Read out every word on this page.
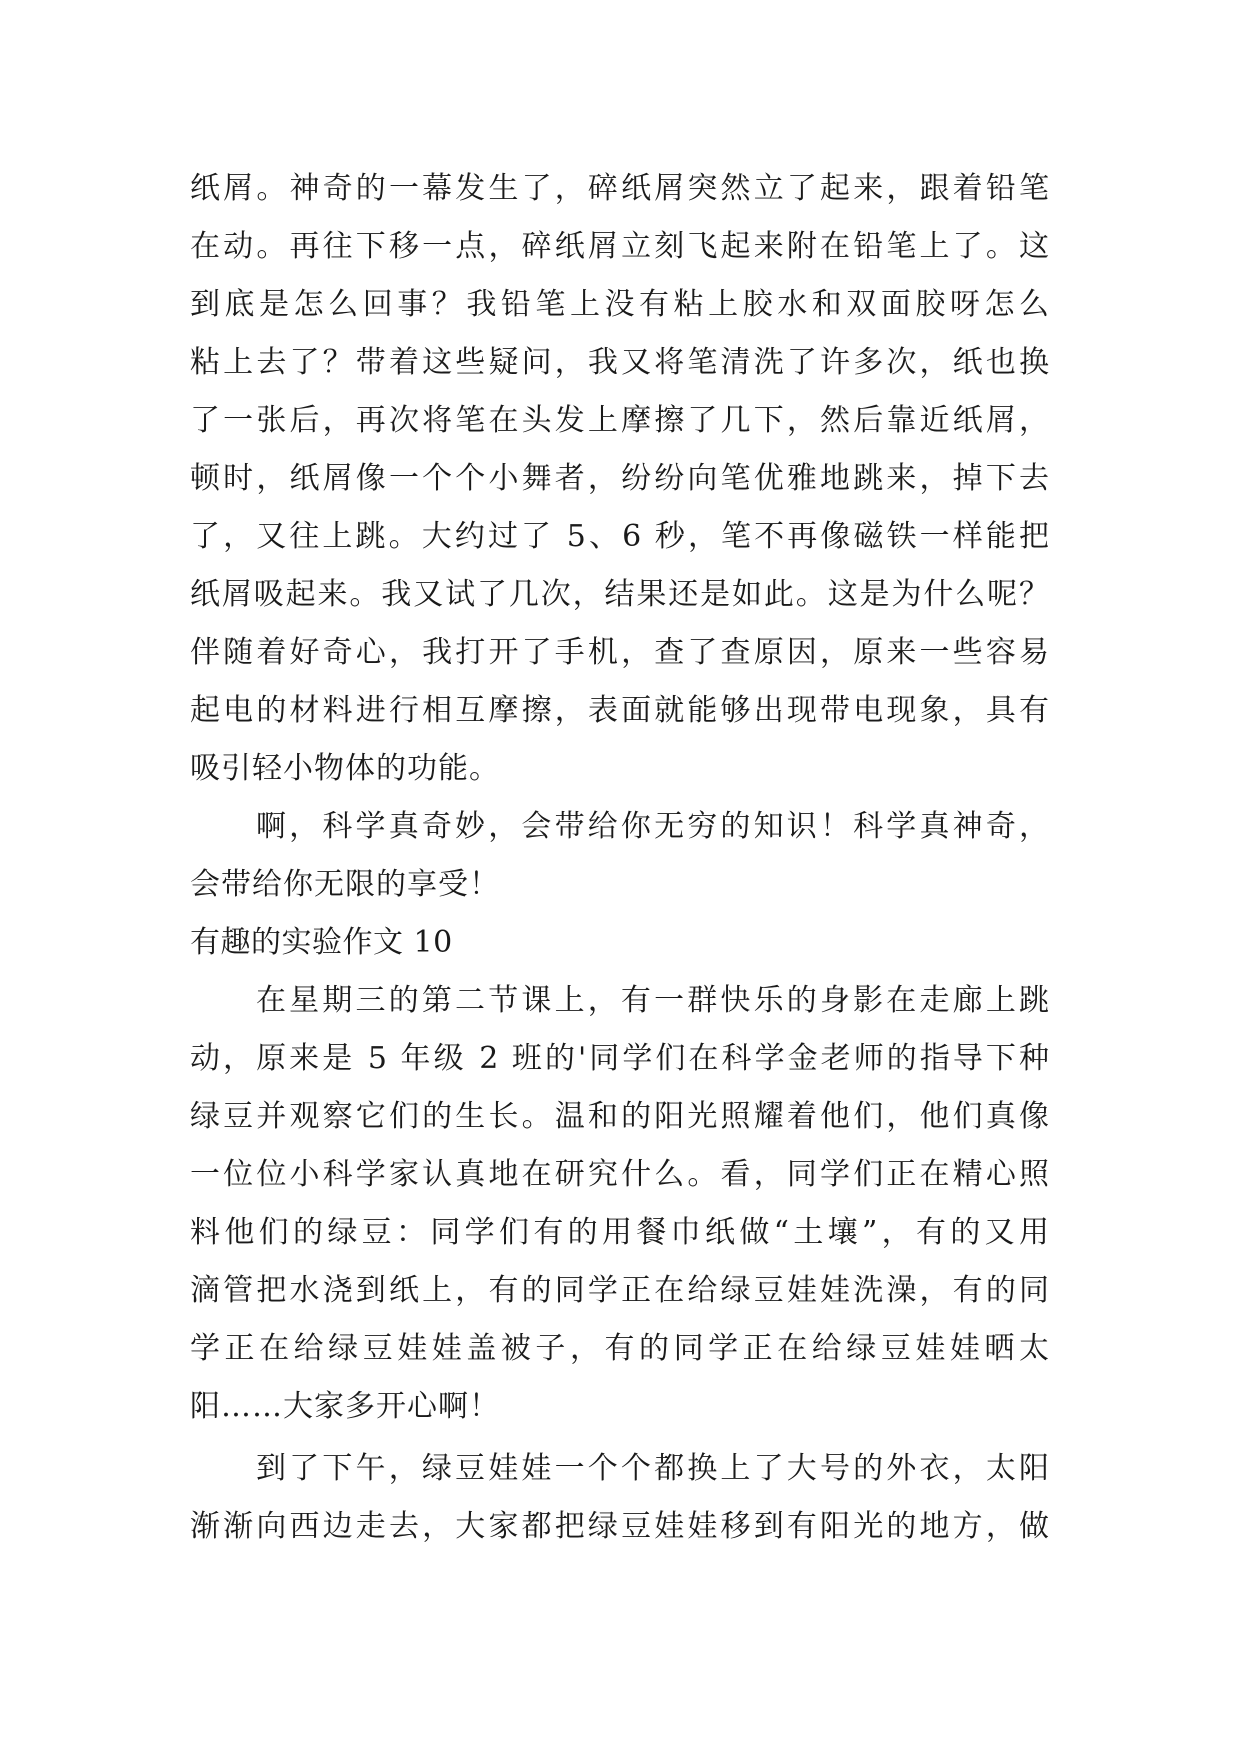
纸屑。神奇的一幕发生了，碎纸屑突然立了起来，跟着铅笔
在动。再往下移一点，碎纸屑立刻飞起来附在铅笔上了。这
到底是怎么回事？我铅笔上没有粘上胶水和双面胶呀怎么
粘上去了？带着这些疑问，我又将笔清洗了许多次，纸也换
了一张后，再次将笔在头发上摩擦了几下，然后靠近纸屑，
顿时，纸屑像一个个小舞者，纷纷向笔优雅地跳来，掉下去
了，又往上跳。大约过了 5、6 秒，笔不再像磁铁一样能把
纸屑吸起来。我又试了几次，结果还是如此。这是为什么呢？
伴随着好奇心，我打开了手机，查了查原因，原来一些容易
起电的材料进行相互摩擦，表面就能够出现带电现象，具有
吸引轻小物体的功能。
啊，科学真奇妙，会带给你无穷的知识！科学真神奇，
会带给你无限的享受！
有趣的实验作文 10
在星期三的第二节课上，有一群快乐的身影在走廊上跳
动，原来是 5 年级 2 班的'同学们在科学金老师的指导下种
绿豆并观察它们的生长。温和的阳光照耀着他们，他们真像
一位位小科学家认真地在研究什么。看，同学们正在精心照
料他们的绿豆：同学们有的用餐巾纸做“土壤”，有的又用
滴管把水浇到纸上，有的同学正在给绿豆娃娃洗澡，有的同
学正在给绿豆娃娃盖被子，有的同学正在给绿豆娃娃晒太
阳……大家多开心啊！
到了下午，绿豆娃娃一个个都换上了大号的外衣，太阳
渐渐向西边走去，大家都把绿豆娃娃移到有阳光的地方，做
